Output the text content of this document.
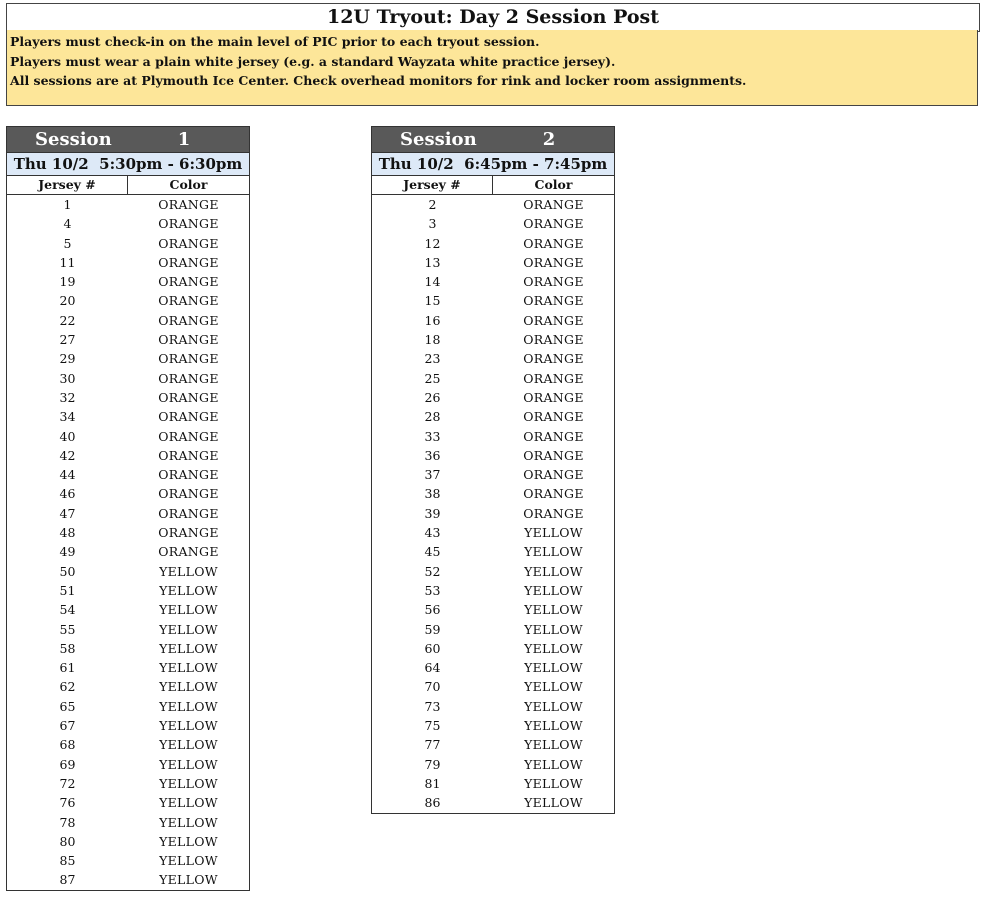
12U Tryout: Day 2 Session Post
Players must check-in on the main level of PIC prior to each tryout session.
Players must wear a plain white jersey (e.g. a standard Wayzata white practice jersey).
All sessions are at Plymouth Ice Center. Check overhead monitors for rink and locker room assignments.
Session	1
Thu 10/2  5:30pm - 6:30pm
Jersey #	Color
1	ORANGE
4	ORANGE
5	ORANGE
11	ORANGE
19	ORANGE
20	ORANGE
22	ORANGE
27	ORANGE
29	ORANGE
30	ORANGE
32	ORANGE
34	ORANGE
40	ORANGE
42	ORANGE
44	ORANGE
46	ORANGE
47	ORANGE
48	ORANGE
49	ORANGE
50	YELLOW
51	YELLOW
54	YELLOW
55	YELLOW
58	YELLOW
61	YELLOW
62	YELLOW
65	YELLOW
67	YELLOW
68	YELLOW
69	YELLOW
72	YELLOW
76	YELLOW
78	YELLOW
80	YELLOW
85	YELLOW
87	YELLOW
Session	2
Thu 10/2  6:45pm - 7:45pm
Jersey #	Color
2	ORANGE
3	ORANGE
12	ORANGE
13	ORANGE
14	ORANGE
15	ORANGE
16	ORANGE
18	ORANGE
23	ORANGE
25	ORANGE
26	ORANGE
28	ORANGE
33	ORANGE
36	ORANGE
37	ORANGE
38	ORANGE
39	ORANGE
43	YELLOW
45	YELLOW
52	YELLOW
53	YELLOW
56	YELLOW
59	YELLOW
60	YELLOW
64	YELLOW
70	YELLOW
73	YELLOW
75	YELLOW
77	YELLOW
79	YELLOW
81	YELLOW
86	YELLOW
